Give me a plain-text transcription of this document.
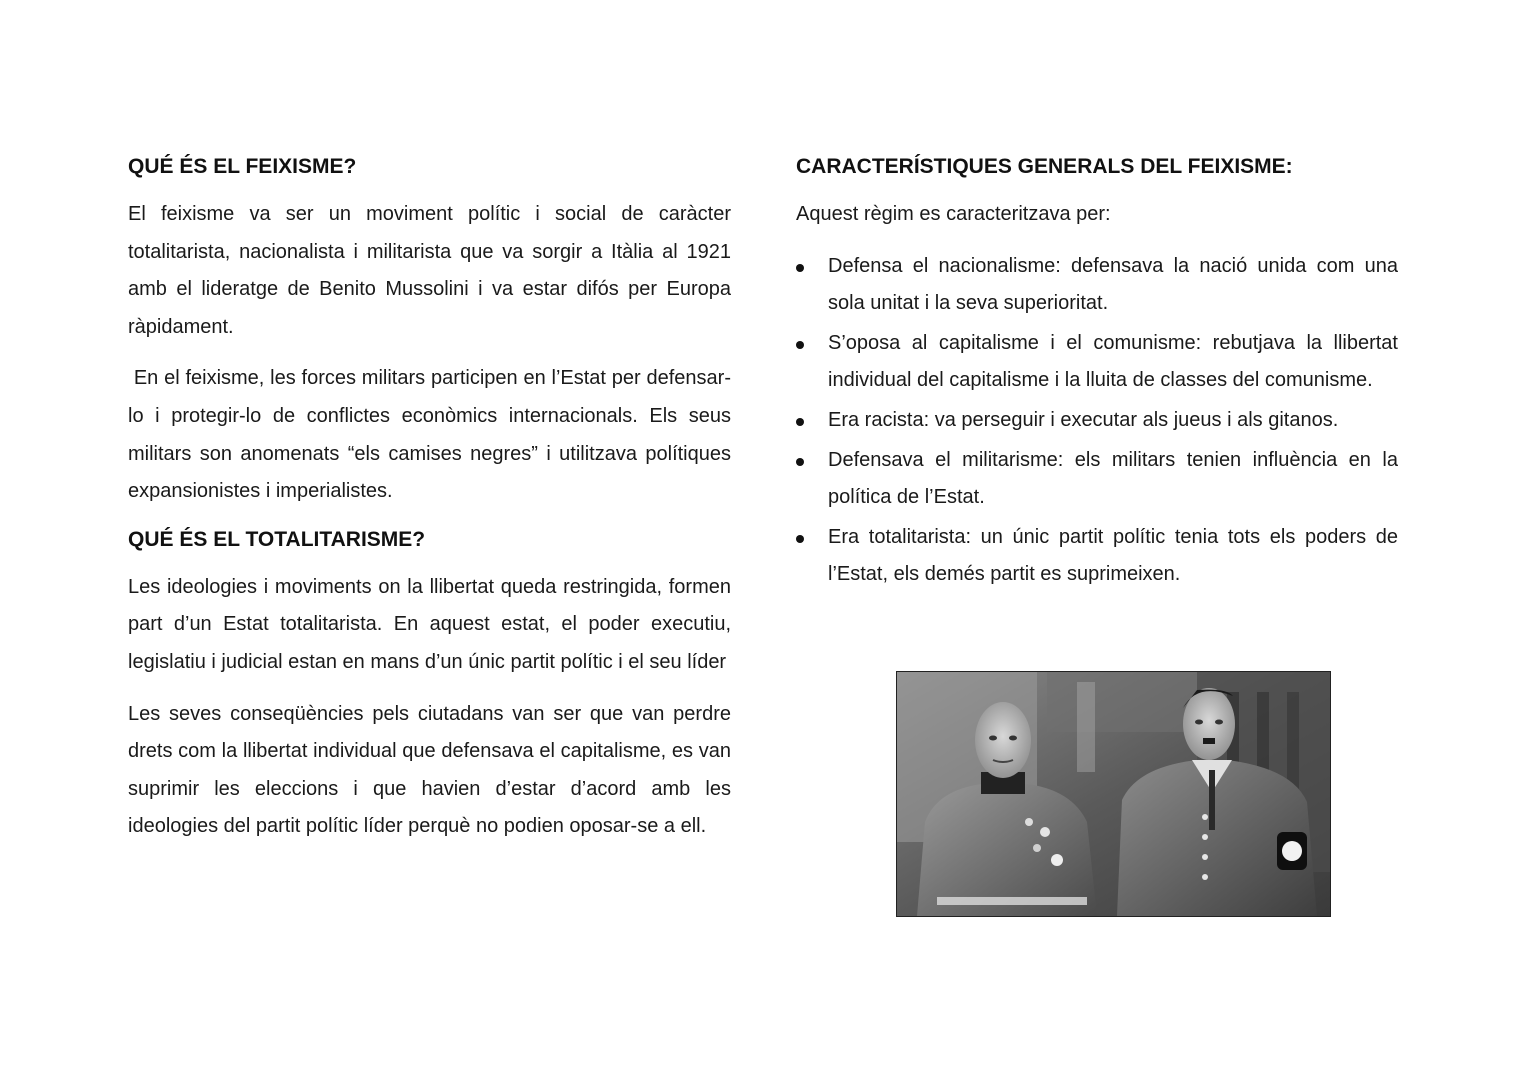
QUÉ ÉS EL FEIXISME?

El feixisme va ser un moviment polític i social de caràcter totalitarista, nacionalista i militarista que va sorgir a Itàlia al 1921 amb el lideratge de Benito Mussolini i va estar difós per Europa ràpidament.

En el feixisme, les forces militars participen en l’Estat per defensar-lo i protegir-lo de conflictes econòmics internacionals. Els seus militars son anomenats “els camises negres” i utilitzava polítiques expansionistes i imperialistes.

QUÉ ÉS EL TOTALITARISME?

Les ideologies i moviments on la llibertat queda restringida, formen part d’un Estat totalitarista. En aquest estat, el poder executiu, legislatiu i judicial estan en mans d’un únic partit polític i el seu líder

Les seves conseqüències pels ciutadans van ser que van perdre drets com la llibertat individual que defensava el capitalisme, es van suprimir les eleccions i que havien d’estar d’acord amb les ideologies del partit polític líder perquè no podien oposar-se a ell.

CARACTERÍSTIQUES GENERALS DEL FEIXISME:

Aquest règim es caracteritzava per:

Defensa el nacionalisme: defensava la nació unida com una sola unitat i la seva superioritat.

S’oposa al capitalisme i el comunisme: rebutjava la llibertat individual del capitalisme i la lluita de classes del comunisme.

Era racista: va perseguir i executar als jueus i als gitanos.

Defensava el militarisme: els militars tenien influència en la política de l’Estat.

Era totalitarista: un únic partit polític tenia tots els poders de l’Estat, els demés partit es suprimeixen.
